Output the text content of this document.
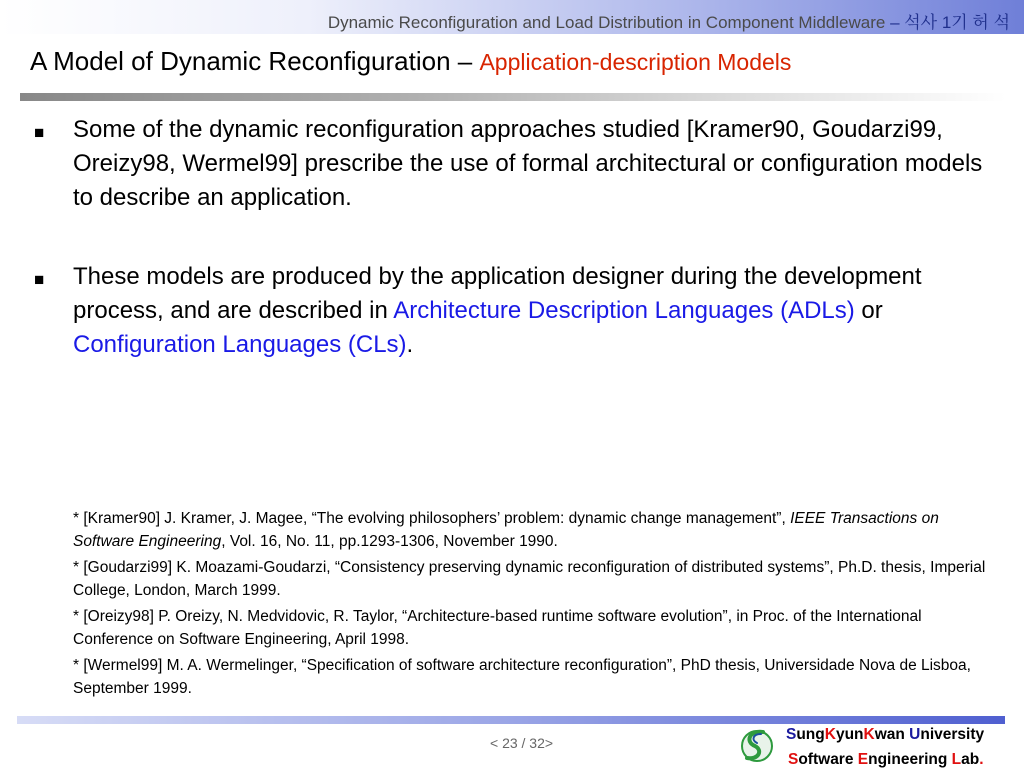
Dynamic Reconfiguration and Load Distribution in Component Middleware – 석사 1기 허 석
A Model of Dynamic Reconfiguration – Application-description Models
■ Some of the dynamic reconfiguration approaches studied [Kramer90, Goudarzi99, Oreizy98, Wermel99] prescribe the use of formal architectural or configuration models to describe an application.
■ These models are produced by the application designer during the development process, and are described in Architecture Description Languages (ADLs) or Configuration Languages (CLs).

* [Kramer90] J. Kramer, J. Magee, “The evolving philosophers’ problem: dynamic change management”, IEEE Transactions on Software Engineering, Vol. 16, No. 11, pp.1293-1306, November 1990.

* [Goudarzi99] K. Moazami-Goudarzi, “Consistency preserving dynamic reconfiguration of distributed systems”, Ph.D. thesis, Imperial College, London, March 1999.

* [Oreizy98] P. Oreizy, N. Medvidovic, R. Taylor, “Architecture-based runtime software evolution”, in Proc. of the International Conference on Software Engineering, April 1998.

* [Wermel99] M. A. Wermelinger, “Specification of software architecture reconfiguration”, PhD thesis, Universidade Nova de Lisboa, September 1999.

< 23 / 32>	SungKyunKwan University
Software Engineering Lab.
